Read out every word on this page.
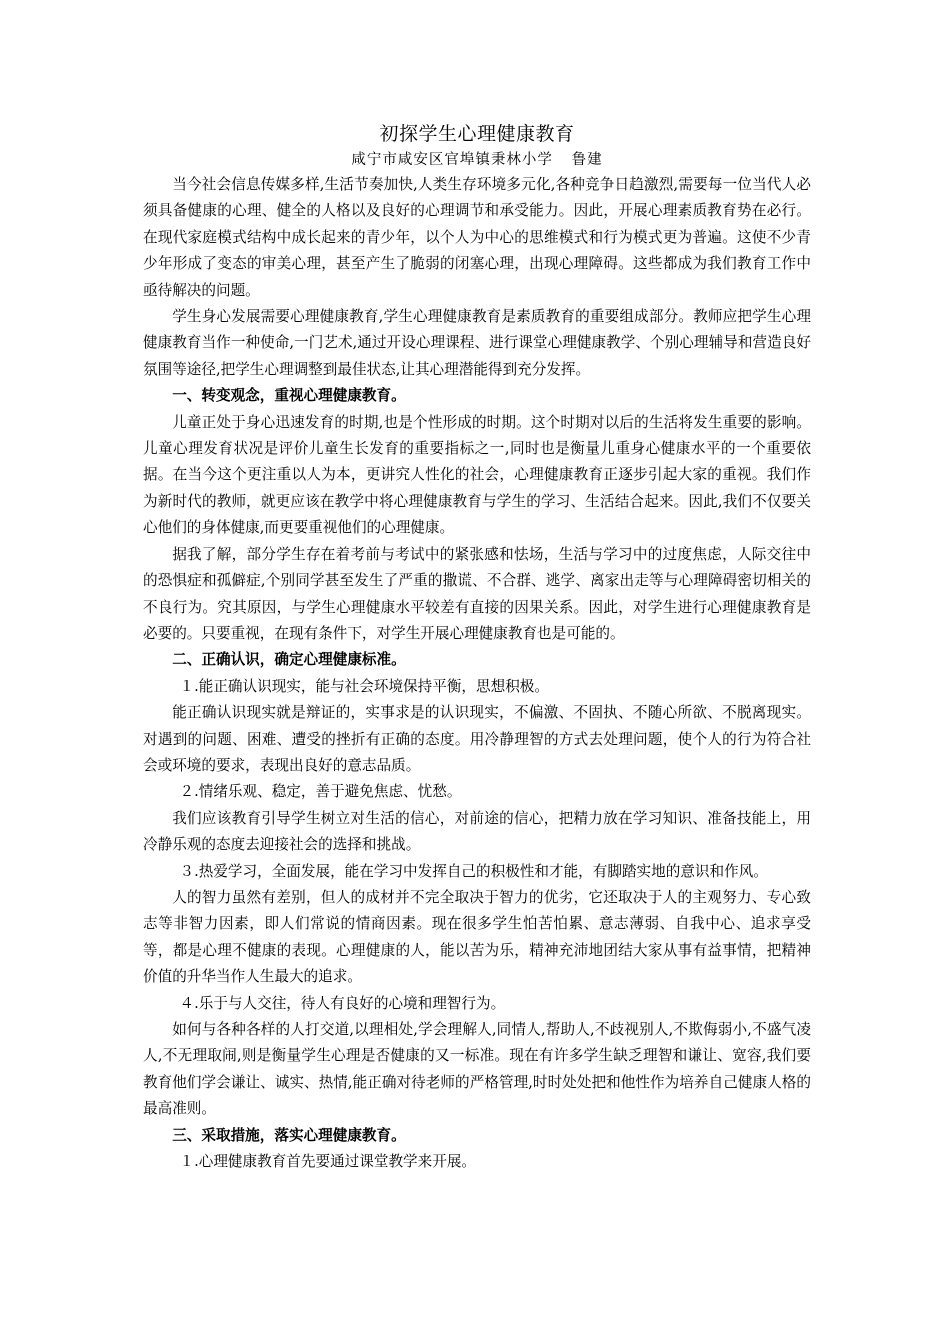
初探学生心理健康教育

咸宁市咸安区官埠镇秉林小学 鲁建

当今社会信息传媒多样,生活节奏加快,人类生存环境多元化,各种竞争日趋激烈,需要每一位当代人必须具备健康的心理、健全的人格以及良好的心理调节和承受能力。因此，开展心理素质教育势在必行。在现代家庭模式结构中成长起来的青少年，以个人为中心的思维模式和行为模式更为普遍。这使不少青少年形成了变态的审美心理，甚至产生了脆弱的闭塞心理，出现心理障碍。这些都成为我们教育工作中亟待解决的问题。

学生身心发展需要心理健康教育,学生心理健康教育是素质教育的重要组成部分。教师应把学生心理健康教育当作一种使命,一门艺术,通过开设心理课程、进行课堂心理健康教学、个别心理辅导和营造良好氛围等途径,把学生心理调整到最佳状态,让其心理潜能得到充分发挥。

一、转变观念，重视心理健康教育。

儿童正处于身心迅速发育的时期,也是个性形成的时期。这个时期对以后的生活将发生重要的影响。儿童心理发育状况是评价儿童生长发育的重要指标之一,同时也是衡量儿重身心健康水平的一个重要依据。在当今这个更注重以人为本，更讲究人性化的社会，心理健康教育正逐步引起大家的重视。我们作为新时代的教师，就更应该在教学中将心理健康教育与学生的学习、生活结合起来。因此,我们不仅要关心他们的身体健康,而更要重视他们的心理健康。

据我了解，部分学生存在着考前与考试中的紧张感和怯场，生活与学习中的过度焦虑，人际交往中的恐惧症和孤僻症,个别同学甚至发生了严重的撒谎、不合群、逃学、离家出走等与心理障碍密切相关的不良行为。究其原因，与学生心理健康水平较差有直接的因果关系。因此，对学生进行心理健康教育是必要的。只要重视，在现有条件下，对学生开展心理健康教育也是可能的。

二、正确认识，确定心理健康标准。

１.能正确认识现实，能与社会环境保持平衡，思想积极。

能正确认识现实就是辩证的，实事求是的认识现实，不偏激、不固执、不随心所欲、不脱离现实。对遇到的问题、困难、遭受的挫折有正确的态度。用冷静理智的方式去处理问题，使个人的行为符合社会或环境的要求，表现出良好的意志品质。

２.情绪乐观、稳定，善于避免焦虑、忧愁。

我们应该教育引导学生树立对生活的信心，对前途的信心，把精力放在学习知识、准备技能上，用冷静乐观的态度去迎接社会的选择和挑战。

３.热爱学习，全面发展，能在学习中发挥自己的积极性和才能，有脚踏实地的意识和作风。

人的智力虽然有差别，但人的成材并不完全取决于智力的优劣，它还取决于人的主观努力、专心致志等非智力因素，即人们常说的情商因素。现在很多学生怕苦怕累、意志薄弱、自我中心、追求享受等，都是心理不健康的表现。心理健康的人，能以苦为乐，精神充沛地团结大家从事有益事情，把精神价值的升华当作人生最大的追求。

４.乐于与人交往，待人有良好的心境和理智行为。

如何与各种各样的人打交道,以理相处,学会理解人,同情人,帮助人,不歧视别人,不欺侮弱小,不盛气凌人,不无理取闹,则是衡量学生心理是否健康的又一标准。现在有许多学生缺乏理智和谦让、宽容,我们要教育他们学会谦让、诚实、热情,能正确对待老师的严格管理,时时处处把和他性作为培养自己健康人格的最高准则。

三、采取措施，落实心理健康教育。

１.心理健康教育首先要通过课堂教学来开展。
